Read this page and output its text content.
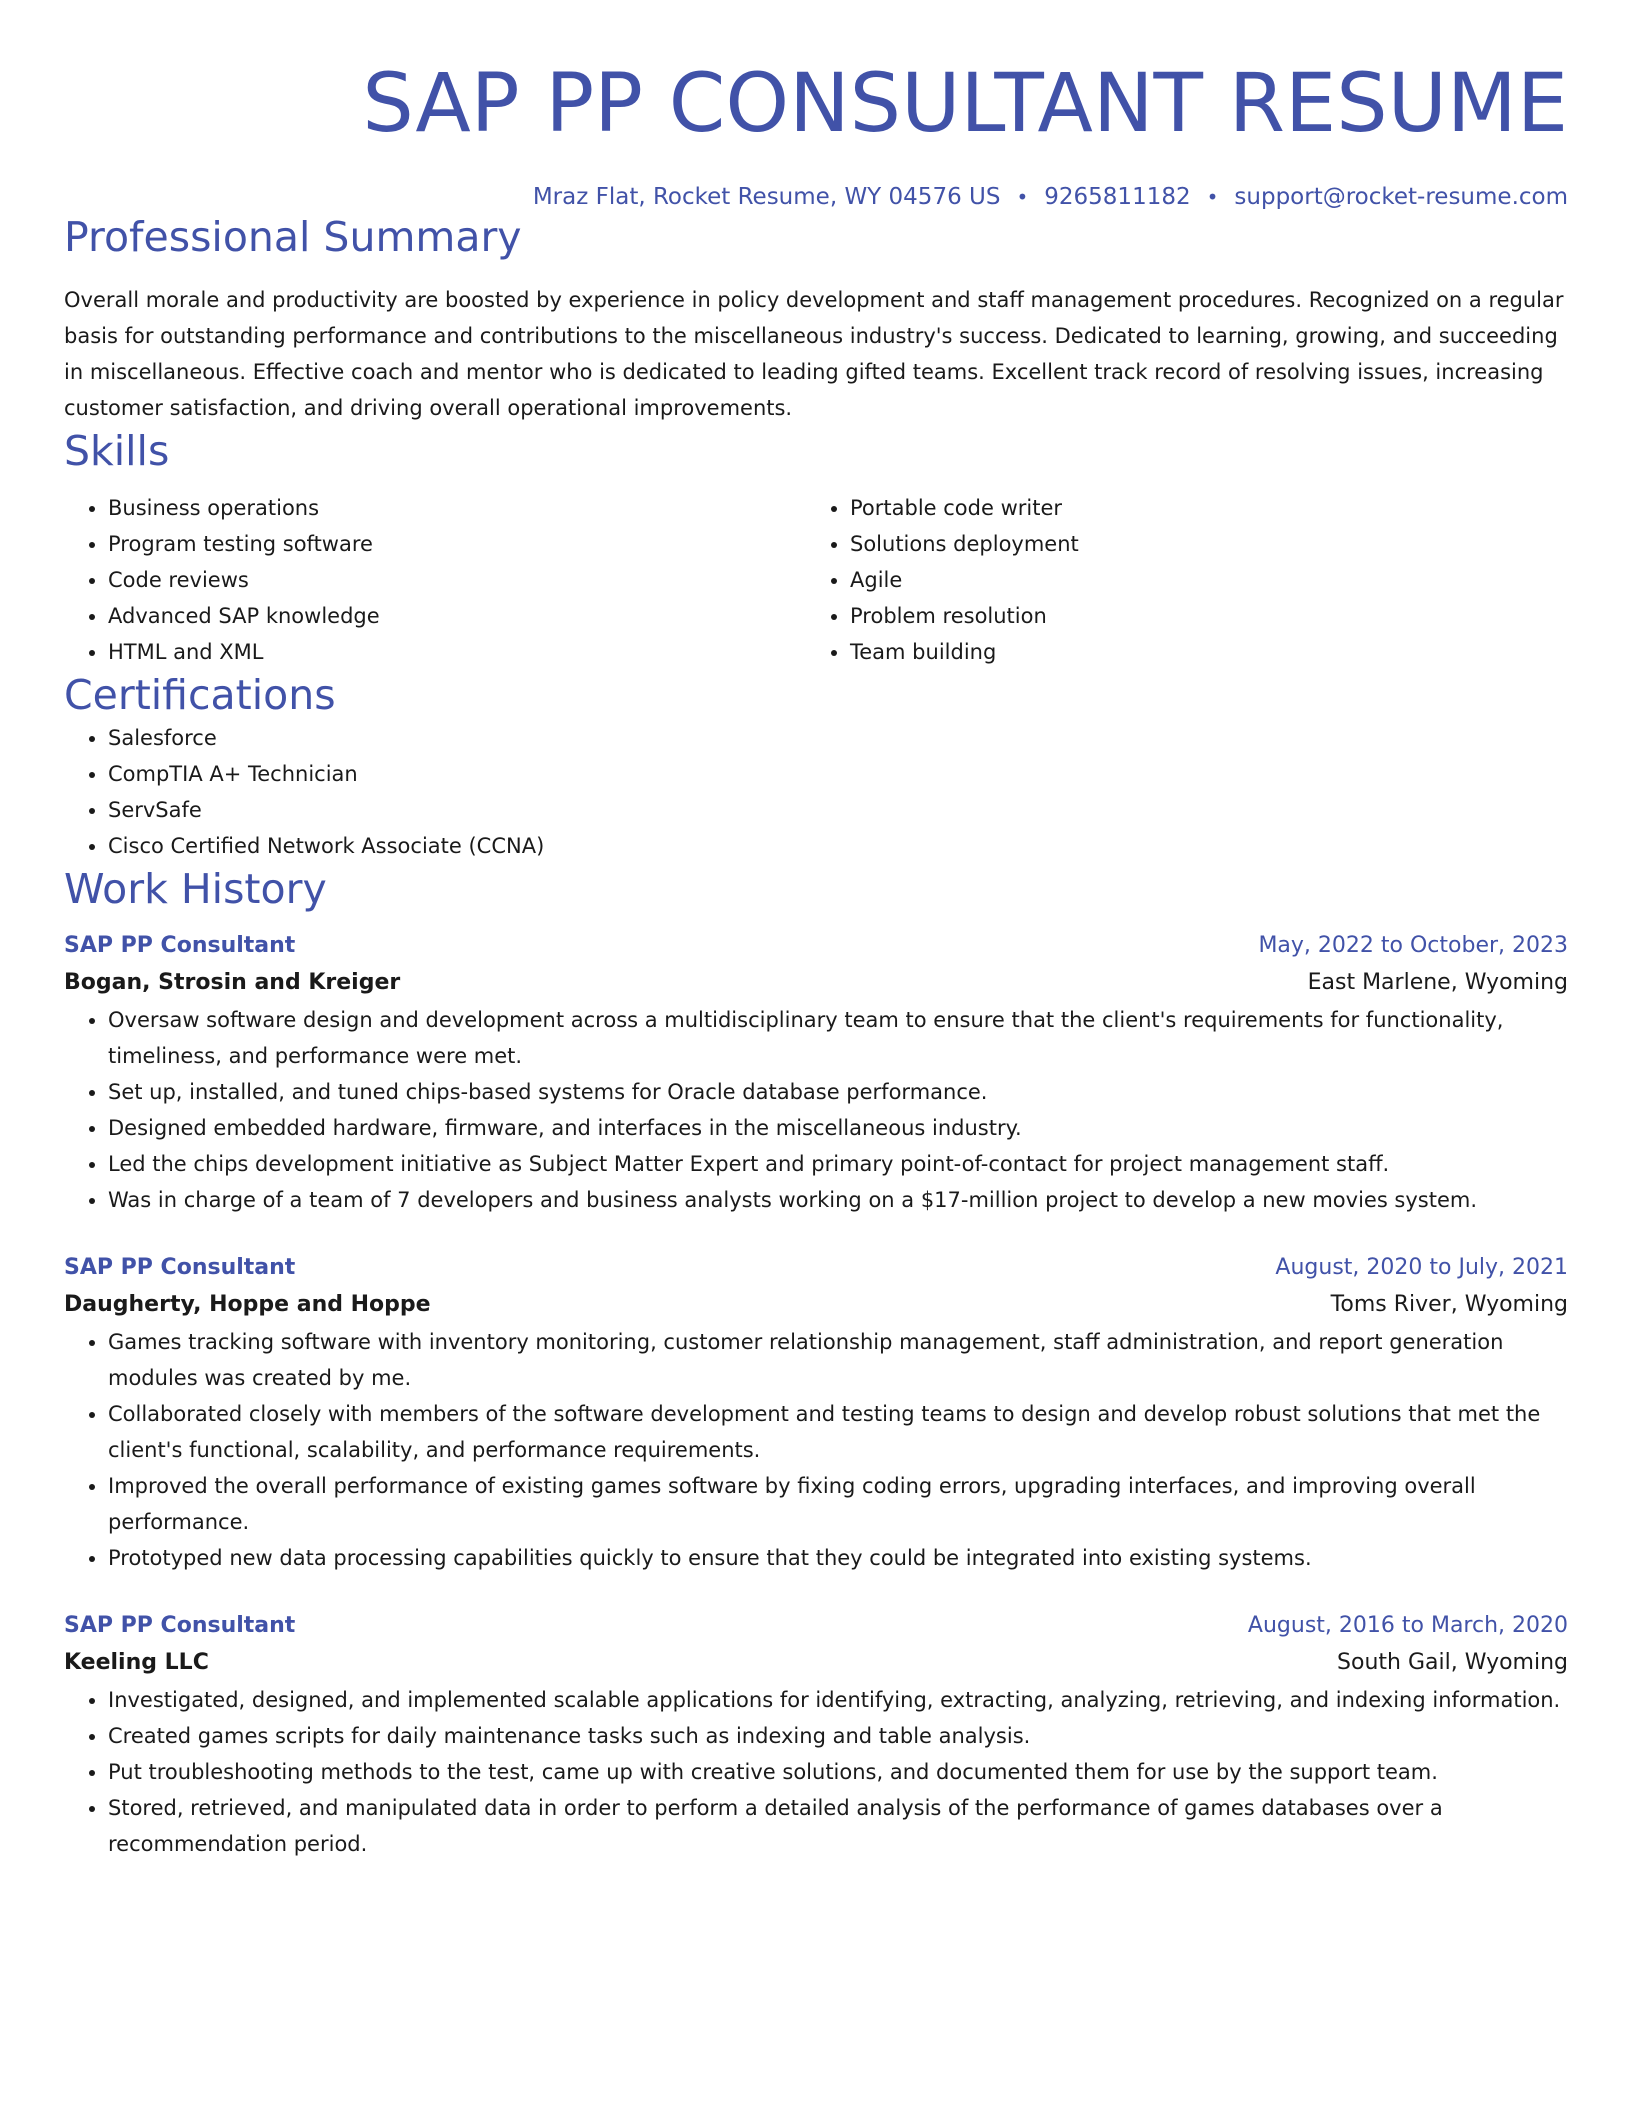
SAP PP CONSULTANT RESUME
Mraz Flat, Rocket Resume, WY 04576 US • 9265811182 • support@rocket-resume.com
Professional Summary

Overall morale and productivity are boosted by experience in policy development and staff management procedures. Recognized on a regular basis for outstanding performance and contributions to the miscellaneous industry's success. Dedicated to learning, growing, and succeeding in miscellaneous. Effective coach and mentor who is dedicated to leading gifted teams. Excellent track record of resolving issues, increasing customer satisfaction, and driving overall operational improvements.

Skills
• Business operations
• Program testing software
• Code reviews
• Advanced SAP knowledge
• HTML and XML
• Portable code writer
• Solutions deployment
• Agile
• Problem resolution
• Team building
Certifications
• Salesforce
• CompTIA A+ Technician
• ServSafe
• Cisco Certified Network Associate (CCNA)
Work History
SAP PP Consultant	May, 2022 to October, 2023
Bogan, Strosin and Kreiger	East Marlene, Wyoming
• Oversaw software design and development across a multidisciplinary team to ensure that the client's requirements for functionality, timeliness, and performance were met.
• Set up, installed, and tuned chips-based systems for Oracle database performance.
• Designed embedded hardware, firmware, and interfaces in the miscellaneous industry.
• Led the chips development initiative as Subject Matter Expert and primary point-of-contact for project management staff.
• Was in charge of a team of 7 developers and business analysts working on a $17-million project to develop a new movies system.
SAP PP Consultant	August, 2020 to July, 2021
Daugherty, Hoppe and Hoppe	Toms River, Wyoming
• Games tracking software with inventory monitoring, customer relationship management, staff administration, and report generation modules was created by me.
• Collaborated closely with members of the software development and testing teams to design and develop robust solutions that met the client's functional, scalability, and performance requirements.
• Improved the overall performance of existing games software by fixing coding errors, upgrading interfaces, and improving overall performance.
• Prototyped new data processing capabilities quickly to ensure that they could be integrated into existing systems.
SAP PP Consultant	August, 2016 to March, 2020
Keeling LLC	South Gail, Wyoming
• Investigated, designed, and implemented scalable applications for identifying, extracting, analyzing, retrieving, and indexing information.
• Created games scripts for daily maintenance tasks such as indexing and table analysis.
• Put troubleshooting methods to the test, came up with creative solutions, and documented them for use by the support team.
• Stored, retrieved, and manipulated data in order to perform a detailed analysis of the performance of games databases over a recommendation period.
